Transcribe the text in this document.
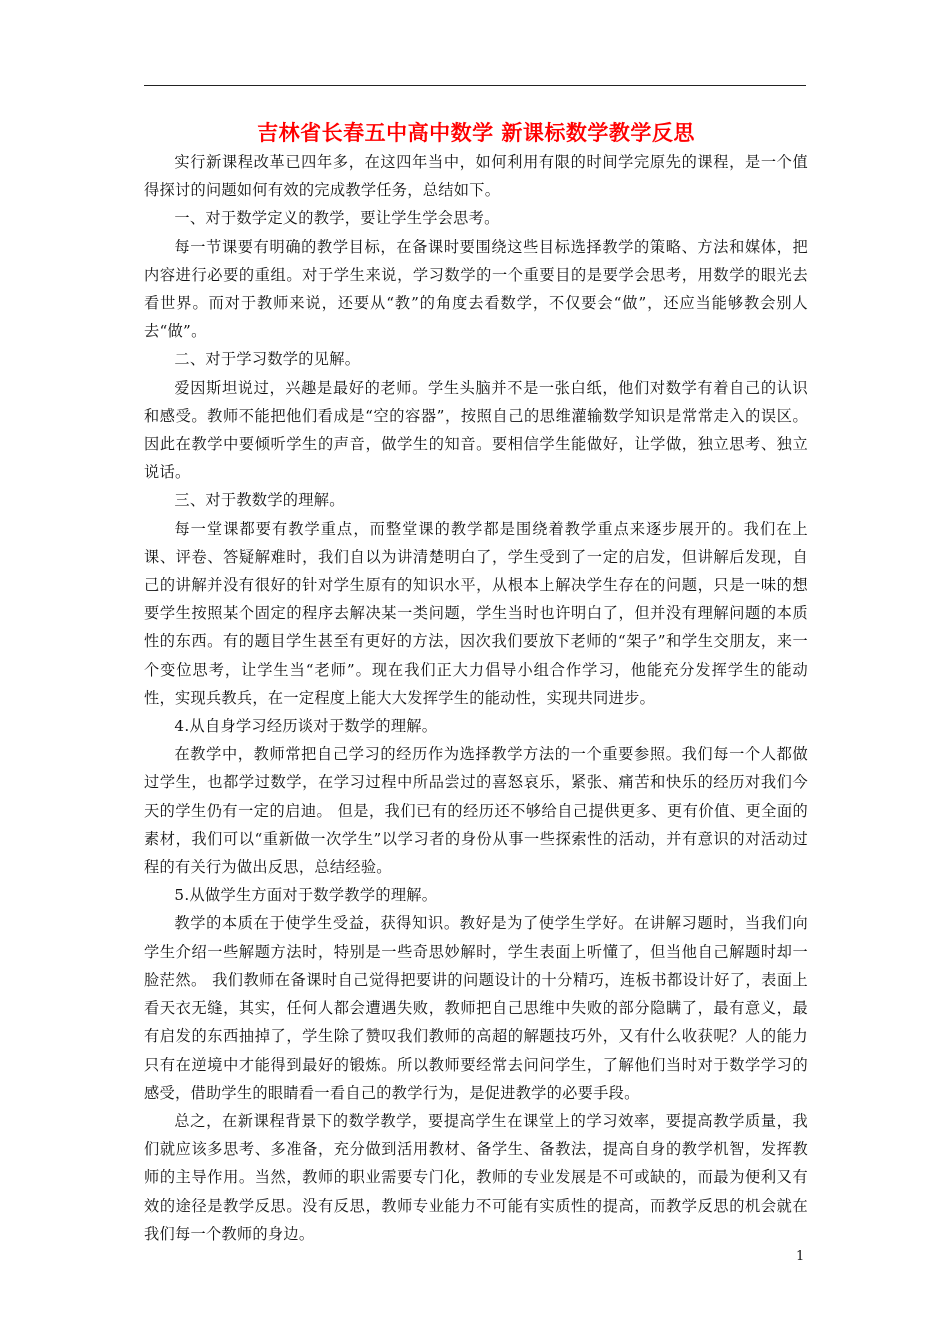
吉林省长春五中高中数学 新课标数学教学反思

实行新课程改革已四年多，在这四年当中，如何利用有限的时间学完原先的课程，是一个值得探讨的问题如何有效的完成教学任务，总结如下。

一、对于数学定义的教学，要让学生学会思考。

每一节课要有明确的教学目标，在备课时要围绕这些目标选择教学的策略、方法和媒体，把内容进行必要的重组。对于学生来说，学习数学的一个重要目的是要学会思考，用数学的眼光去看世界。而对于教师来说，还要从“教”的角度去看数学，不仅要会“做”，还应当能够教会别人去“做”。

二、对于学习数学的见解。

爱因斯坦说过，兴趣是最好的老师。学生头脑并不是一张白纸，他们对数学有着自己的认识和感受。教师不能把他们看成是“空的容器”，按照自己的思维灌输数学知识是常常走入的误区。因此在教学中要倾听学生的声音，做学生的知音。要相信学生能做好，让学做，独立思考、独立说话。

三、对于教数学的理解。

每一堂课都要有教学重点，而整堂课的教学都是围绕着教学重点来逐步展开的。我们在上课、评卷、答疑解难时，我们自以为讲清楚明白了，学生受到了一定的启发，但讲解后发现，自己的讲解并没有很好的针对学生原有的知识水平，从根本上解决学生存在的问题，只是一味的想要学生按照某个固定的程序去解决某一类问题，学生当时也许明白了，但并没有理解问题的本质性的东西。有的题目学生甚至有更好的方法，因次我们要放下老师的“架子”和学生交朋友，来一个变位思考，让学生当“老师”。现在我们正大力倡导小组合作学习，他能充分发挥学生的能动性，实现兵教兵，在一定程度上能大大发挥学生的能动性，实现共同进步。

4.从自身学习经历谈对于数学的理解。

在教学中，教师常把自己学习的经历作为选择教学方法的一个重要参照。我们每一个人都做过学生，也都学过数学，在学习过程中所品尝过的喜怒哀乐，紧张、痛苦和快乐的经历对我们今天的学生仍有一定的启迪。 但是，我们已有的经历还不够给自己提供更多、更有价值、更全面的素材，我们可以“重新做一次学生”以学习者的身份从事一些探索性的活动，并有意识的对活动过程的有关行为做出反思，总结经验。

5.从做学生方面对于数学教学的理解。

教学的本质在于使学生受益，获得知识。教好是为了使学生学好。在讲解习题时，当我们向学生介绍一些解题方法时，特别是一些奇思妙解时，学生表面上听懂了，但当他自己解题时却一脸茫然。 我们教师在备课时自己觉得把要讲的问题设计的十分精巧，连板书都设计好了，表面上看天衣无缝，其实，任何人都会遭遇失败，教师把自己思维中失败的部分隐瞒了，最有意义，最有启发的东西抽掉了，学生除了赞叹我们教师的高超的解题技巧外，又有什么收获呢？人的能力只有在逆境中才能得到最好的锻炼。所以教师要经常去问问学生，了解他们当时对于数学学习的感受，借助学生的眼睛看一看自己的教学行为，是促进教学的必要手段。

总之，在新课程背景下的数学教学，要提高学生在课堂上的学习效率，要提高教学质量，我们就应该多思考、多准备，充分做到活用教材、备学生、备教法，提高自身的教学机智，发挥教师的主导作用。当然，教师的职业需要专门化，教师的专业发展是不可或缺的，而最为便利又有效的途径是教学反思。没有反思，教师专业能力不可能有实质性的提高，而教学反思的机会就在我们每一个教师的身边。

1
